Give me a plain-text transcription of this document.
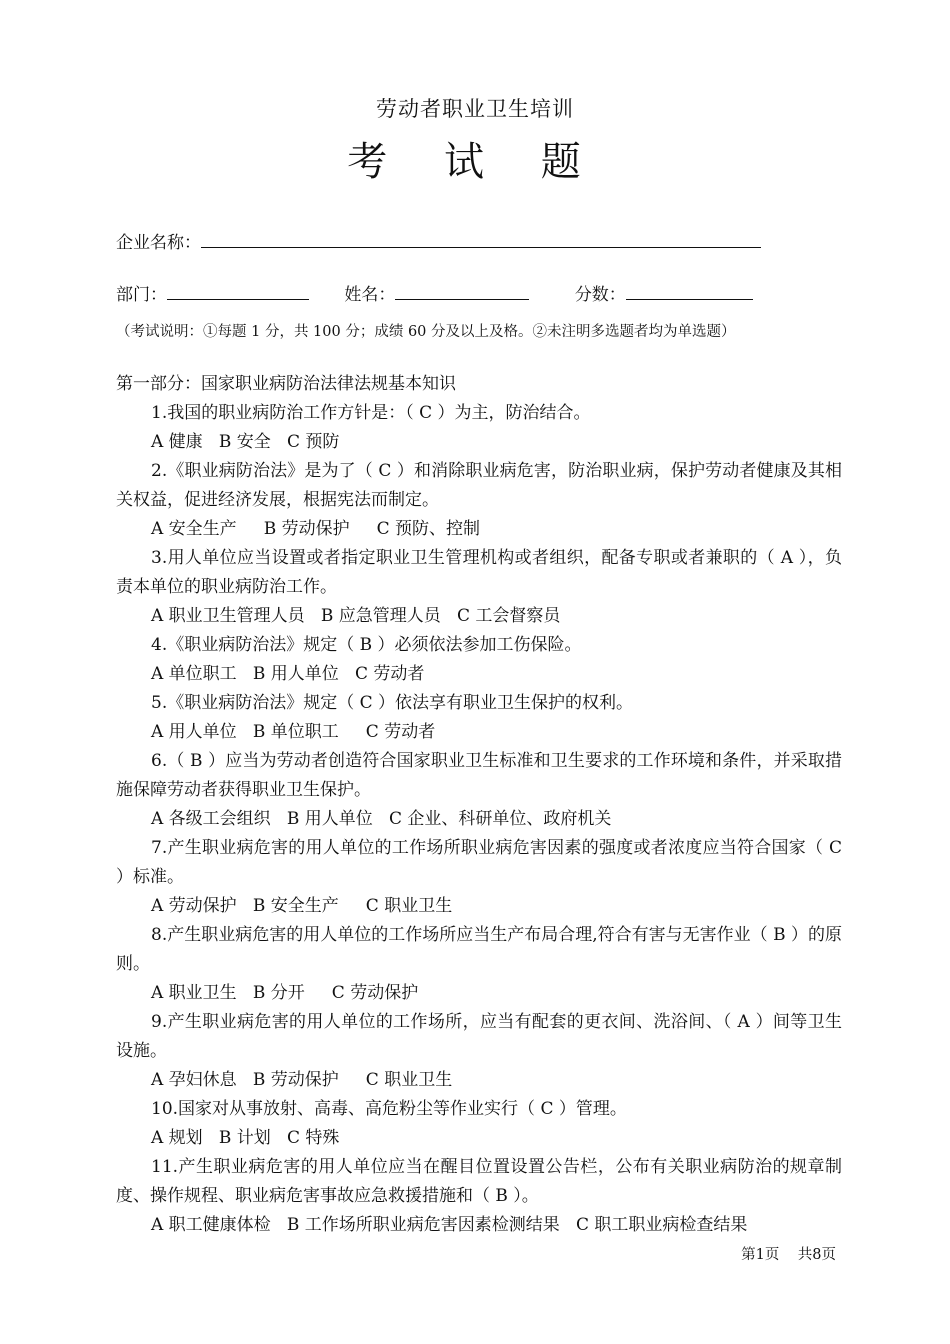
劳动者职业卫生培训
考 试 题
企业名称：
部门：	姓名：	分数：
（考试说明：①每题 1 分，共 100 分；成绩 60 分及以上及格。②未注明多选题者均为单选题）
第一部分：国家职业病防治法律法规基本知识
1.我国的职业病防治工作方针是：（ C ）为主，防治结合。
A 健康   B 安全   C 预防
2.《职业病防治法》是为了（ C ）和消除职业病危害，防治职业病，保护劳动者健康及其相关权益，促进经济发展，根据宪法而制定。
A 安全生产     B 劳动保护     C 预防、控制
3.用人单位应当设置或者指定职业卫生管理机构或者组织，配备专职或者兼职的（ A ），负责本单位的职业病防治工作。
A 职业卫生管理人员   B 应急管理人员   C 工会督察员
4.《职业病防治法》规定（ B ）必须依法参加工伤保险。
A 单位职工   B 用人单位   C 劳动者
5.《职业病防治法》规定（ C ）依法享有职业卫生保护的权利。
A 用人单位   B 单位职工     C 劳动者
6.（ B ）应当为劳动者创造符合国家职业卫生标准和卫生要求的工作环境和条件，并采取措施保障劳动者获得职业卫生保护。
A 各级工会组织   B 用人单位   C 企业、科研单位、政府机关
7.产生职业病危害的用人单位的工作场所职业病危害因素的强度或者浓度应当符合国家（ C ）标准。
A 劳动保护   B 安全生产     C 职业卫生
8.产生职业病危害的用人单位的工作场所应当生产布局合理,符合有害与无害作业（ B ）的原则。
A 职业卫生   B 分开     C 劳动保护
9.产生职业病危害的用人单位的工作场所，应当有配套的更衣间、洗浴间、（ A ）间等卫生设施。
A 孕妇休息   B 劳动保护     C 职业卫生
10.国家对从事放射、高毒、高危粉尘等作业实行（ C ）管理。
A 规划   B 计划   C 特殊
11.产生职业病危害的用人单位应当在醒目位置设置公告栏，公布有关职业病防治的规章制度、操作规程、职业病危害事故应急救援措施和（ B ）。
A 职工健康体检   B 工作场所职业病危害因素检测结果   C 职工职业病检查结果
第1页 共8页
